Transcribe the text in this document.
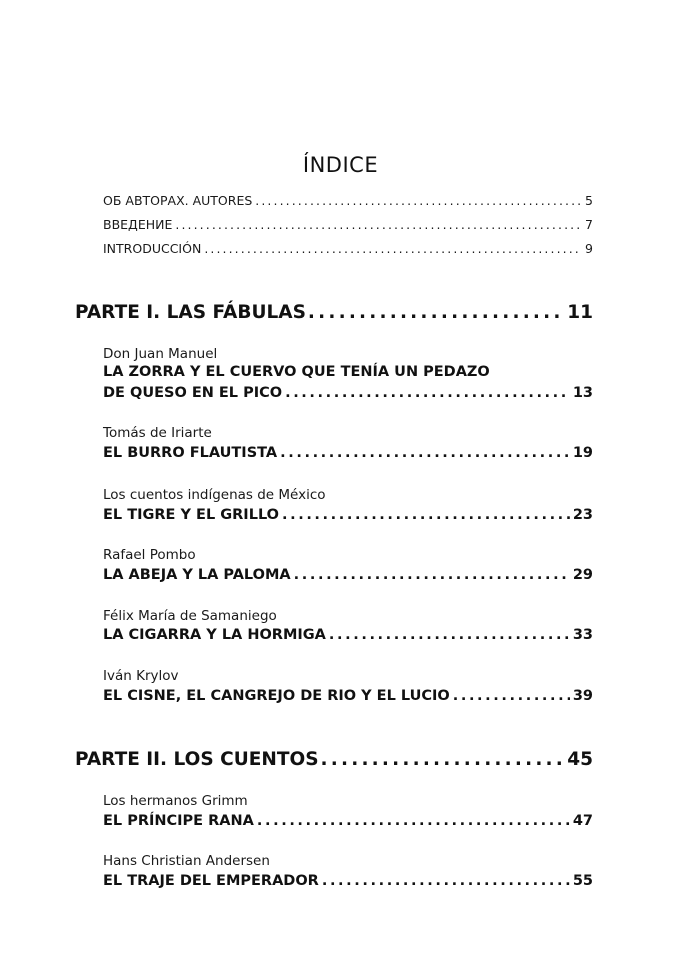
ÍNDICE
ОБ АВТОРАХ. AUTORES .....	5
ВВЕДЕНИЕ .....	7
INTRODUCCIÓN .....	9
PARTE I. LAS FÁBULAS .....	11
Don Juan Manuel
LA ZORRA Y EL CUERVO QUE TENÍA UN PEDAZO
DE QUESO EN EL PICO .....	13
Tomás de Iriarte
EL BURRO FLAUTISTA .....	19
Los cuentos indígenas de México
EL TIGRE Y EL GRILLO .....	23
Rafael Pombo
LA ABEJA Y LA PALOMA .....	29
Félix María de Samaniego
LA CIGARRA Y LA HORMIGA .....	33
Iván Krylov
EL CISNE, EL CANGREJO DE RIO Y EL LUCIO .....	39
PARTE II. LOS CUENTOS .....	45
Los hermanos Grimm
EL PRÍNCIPE RANA .....	47
Hans Christian Andersen
EL TRAJE DEL EMPERADOR .....	55
